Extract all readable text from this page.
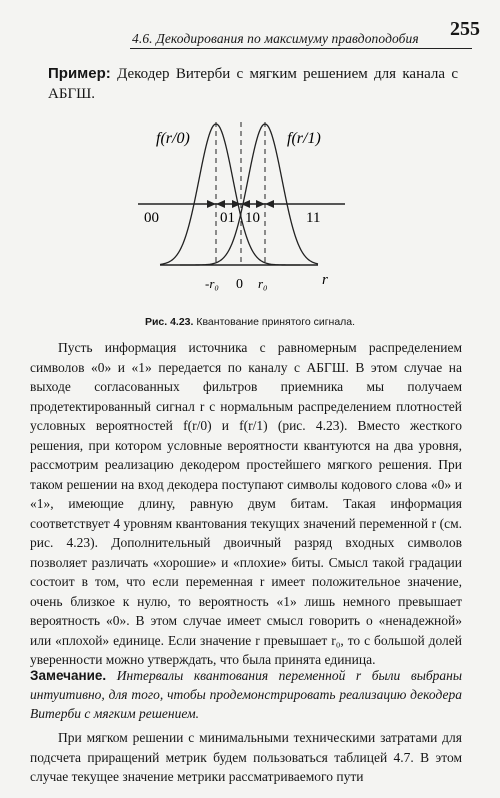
4.6. Декодирования по максимуму правдоподобия 255
Пример: Декодер Витерби с мягким решением для канала с АБГШ.
f(r/0)	f(r/1)
00	01 10	11
-r₀ 0 r₀	r
Рис. 4.23. Квантование принятого сигнала.

Пусть информация источника с равномерным распределением символов «0» и «1» передается по каналу с АБГШ. В этом случае на выходе согласованных фильтров приемника мы получаем продетектированный сигнал r с нормальным распределением плотностей условных вероятностей f(r/0) и f(r/1) (рис. 4.23). Вместо жесткого решения, при котором условные вероятности квантуются на два уровня, рассмотрим реализацию декодером простейшего мягкого решения. При таком решении на вход декодера поступают символы кодового слова «0» и «1», имеющие длину, равную двум битам. Такая информация соответствует 4 уровням квантования текущих значений переменной r (см. рис. 4.23). Дополнительный двоичный разряд входных символов позволяет различать «хорошие» и «плохие» биты. Смысл такой градации состоит в том, что если переменная r имеет положительное значение, очень близкое к нулю, то вероятность «1» лишь немного превышает вероятность «0». В этом случае имеет смысл говорить о «ненадежной» или «плохой» единице. Если значение r превышает r₀, то с большой долей уверенности можно утверждать, что была принята единица.

Замечание. Интервалы квантования переменной r были выбраны интуитивно, для того, чтобы продемонстрировать реализацию декодера Витерби с мягким решением.

При мягком решении с минимальными техническими затратами для подсчета приращений метрик будем пользоваться таблицей 4.7. В этом случае текущее значение метрики рассматриваемого пути
